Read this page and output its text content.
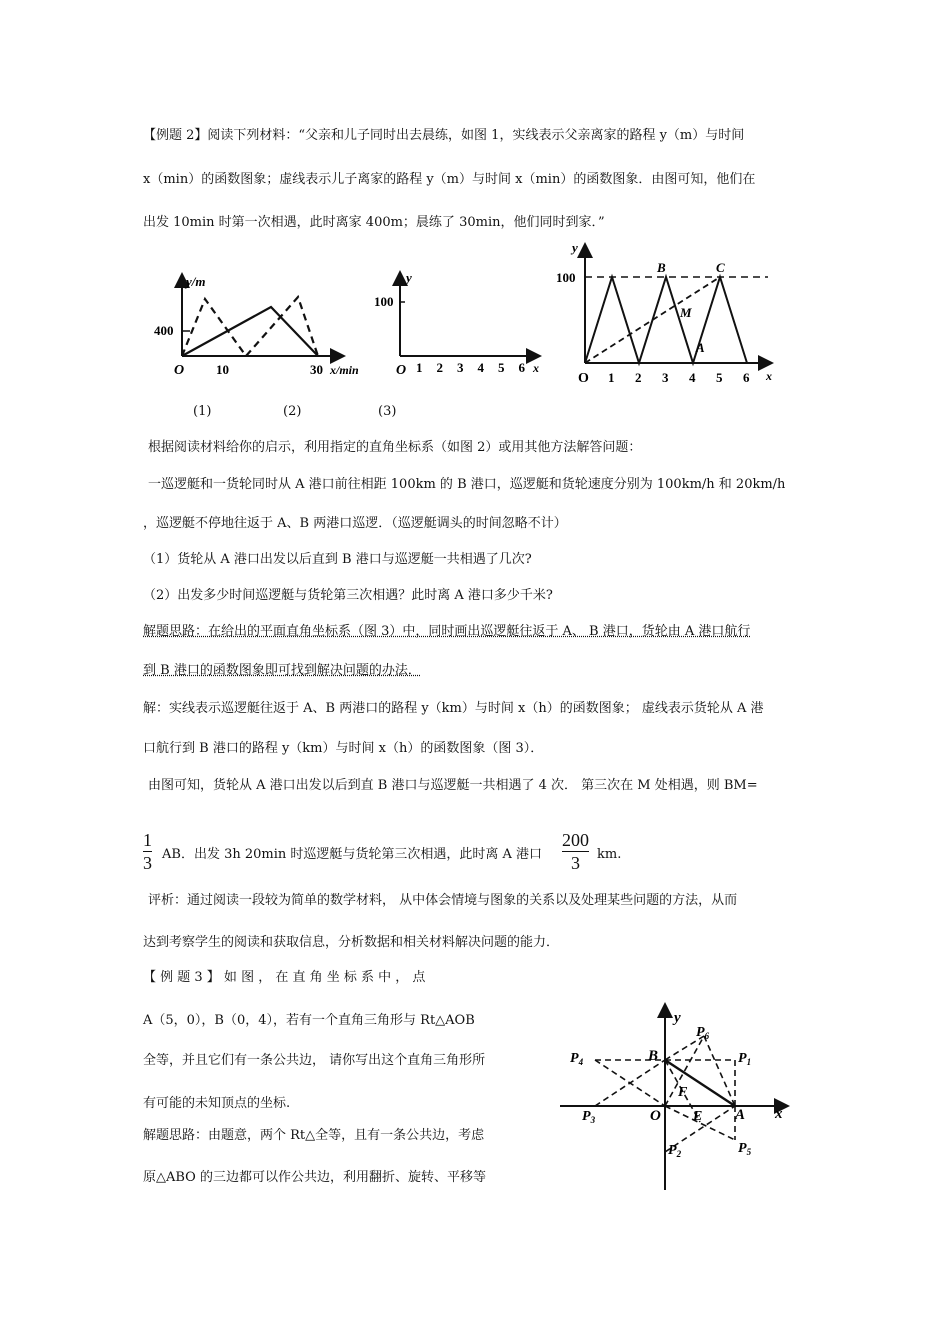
【例题 2】阅读下列材料：“父亲和儿子同时出去晨练，如图 1，实线表示父亲离家的路程 y（m）与时间
x（min）的函数图象；虚线表示儿子离家的路程 y（m）与时间 x（min）的函数图象．由图可知，他们在
出发 10min 时第一次相遇，此时离家 400m；晨练了 30min，他们同时到家．”
y/m
400
O 10	30 x/min
y
100
O 1 2 3 4 5 6 x
y
100
O 1 2 3 4 5 6 x
B	C
M
A
(1)	(2)	(3)
根据阅读材料给你的启示，利用指定的直角坐标系（如图 2）或用其他方法解答问题：
一巡逻艇和一货轮同时从 A 港口前往相距 100km 的 B 港口，巡逻艇和货轮速度分别为 100km/h 和 20km/h
，巡逻艇不停地往返于 A、B 两港口巡逻．（巡逻艇调头的时间忽略不计）
（1）货轮从 A 港口出发以后直到 B 港口与巡逻艇一共相遇了几次?
（2）出发多少时间巡逻艇与货轮第三次相遇？此时离 A 港口多少千米?
解题思路：在给出的平面直角坐标系（图 3）中，同时画出巡逻艇往返于 A、 B 港口，货轮由 A 港口航行
到 B 港口的函数图象即可找到解决问题的办法．
解：实线表示巡逻艇往返于 A、B 两港口的路程 y（km）与时间 x（h）的函数图象； 虚线表示货轮从 A 港
口航行到 B 港口的路程 y（km）与时间 x（h）的函数图象（图 3）．
由图可知，货轮从 A 港口出发以后到直 B 港口与巡逻艇一共相遇了 4 次． 第三次在 M 处相遇，则 BM=
1
3 AB．出发 3h 20min 时巡逻艇与货轮第三次相遇，此时离 A 港口
200
3 km.
评析：通过阅读一段较为简单的数学材料， 从中体会情境与图象的关系以及处理某些问题的方法，从而
达到考察学生的阅读和获取信息，分析数据和相关材料解决问题的能力．
【 例 题 3 】 如 图 ， 在 直 角 坐 标 系 中 ， 点
A（5，0），B（0，4），若有一个直角三角形与 Rt△AOB
全等，并且它们有一条公共边， 请你写出这个直角三角形所
有可能的未知顶点的坐标.
解题思路：由题意，两个 Rt△全等，且有一条公共边，考虑
原△ABO 的三边都可以作公共边，利用翻折、旋转、平移等
y
x
O	A
B
E
F
$P_1$
$P_2$
$P_3$
$P_4$
$P_5$
$P_6$
